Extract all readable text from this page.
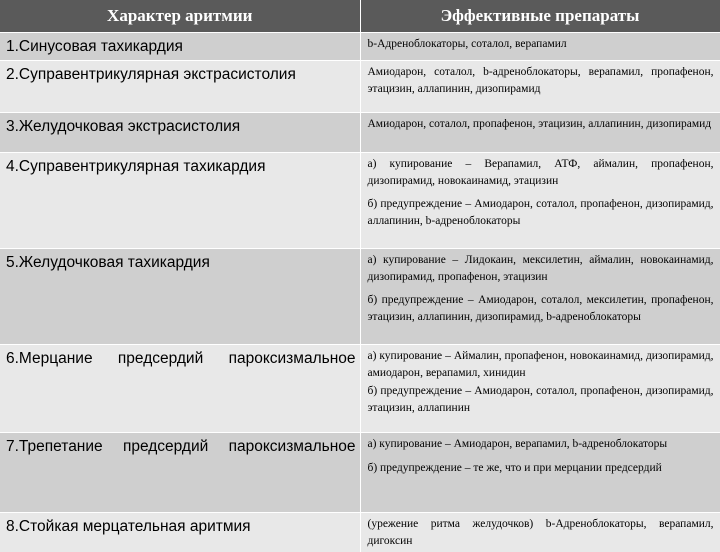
Характер аритмии	Эффективные препараты
1.Синусовая тахикардия	b-Адреноблокаторы, соталол, верапамил

2.Суправентрикулярная экстрасистолия	Амиодарон, соталол, b-адреноблокаторы, верапамил, пропафенон, этацизин, аллапинин, дизопирамид

3.Желудочковая экстрасистолия	Амиодарон, соталол, пропафенон, этацизин, аллапинин, дизопирамид

4.Суправентрикулярная тахикардия	а) купирование – Верапамил, АТФ, аймалин, пропафенон, дизопирамид, новокаинамид, этацизин

б) предупреждение – Амиодарон, соталол, пропафенон, дизопирамид, аллапинин, b-адреноблокаторы

5.Желудочковая тахикардия	а) купирование – Лидокаин, мексилетин, аймалин, новокаинамид, дизопирамид, пропафенон, этацизин

б) предупреждение – Амиодарон, соталол, мексилетин, пропафенон, этацизин, аллапинин, дизопирамид, b-адреноблокаторы

6.Мерцание предсердий пароксизмальное	а) купирование – Аймалин, пропафенон, новокаинамид, дизопирамид, амиодарон, верапамил, хинидин

б) предупреждение – Амиодарон, соталол, пропафенон, дизопирамид, этацизин, аллапинин

7.Трепетание предсердий пароксизмальное	а) купирование – Амиодарон, верапамил, b-адреноблокаторы

б) предупреждение – те же, что и при мерцании предсердий

8.Стойкая мерцательная аритмия	(урежение ритма желудочков) b-Адреноблокаторы, верапамил, дигоксин
